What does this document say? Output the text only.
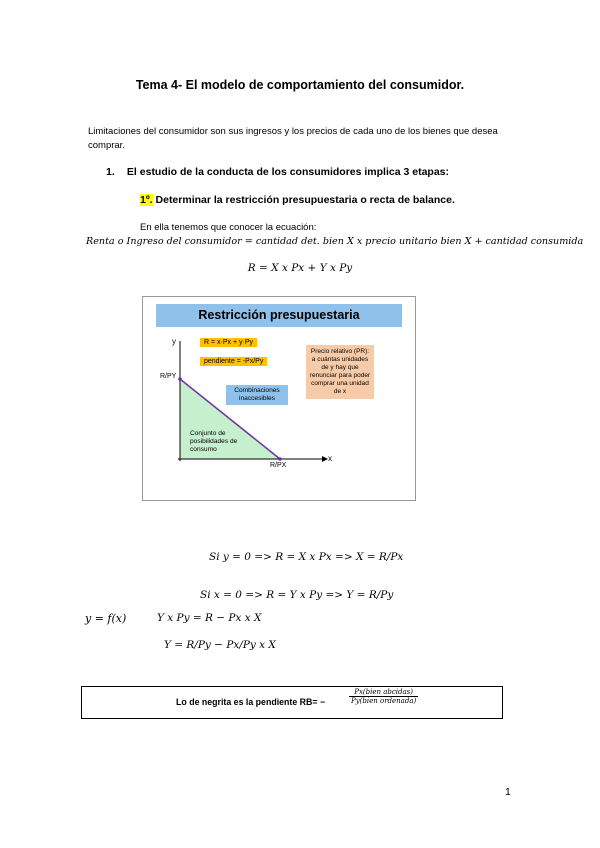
Tema 4- El modelo de comportamiento del consumidor.
Limitaciones del consumidor son sus ingresos y los precios de cada uno de los bienes que desea comprar.
1. El estudio de la conducta de los consumidores implica 3 etapas:
1º. Determinar la restricción presupuestaria o recta de balance.
En ella tenemos que conocer la ecuación:
Renta o Ingreso del consumidor = cantidad det. bien X x precio unitario bien X + cantidad consumida
R = X x Px + Y x Py
Restricción presupuestaria
y
x
R/PY
R/PX
R = x·Px + y·Py
pendiente = -Px/Py
Combinaciones inaccesibles
Conjunto de posibilidades de consumo
Precio relativo (PR): a cuántas unidades de y hay que renunciar para poder comprar una unidad de x
Si y = 0 => R = X x Px => X = R/Px
Si x = 0 => R = Y x Py => Y = R/Py
y = f(x)	Y x Py = R − Px x X
Y = R/Py − Px/Py x X
Lo de negrita es la pendiente RB= −
Px(bien abcidas)
Py(bien ordenada)
1
